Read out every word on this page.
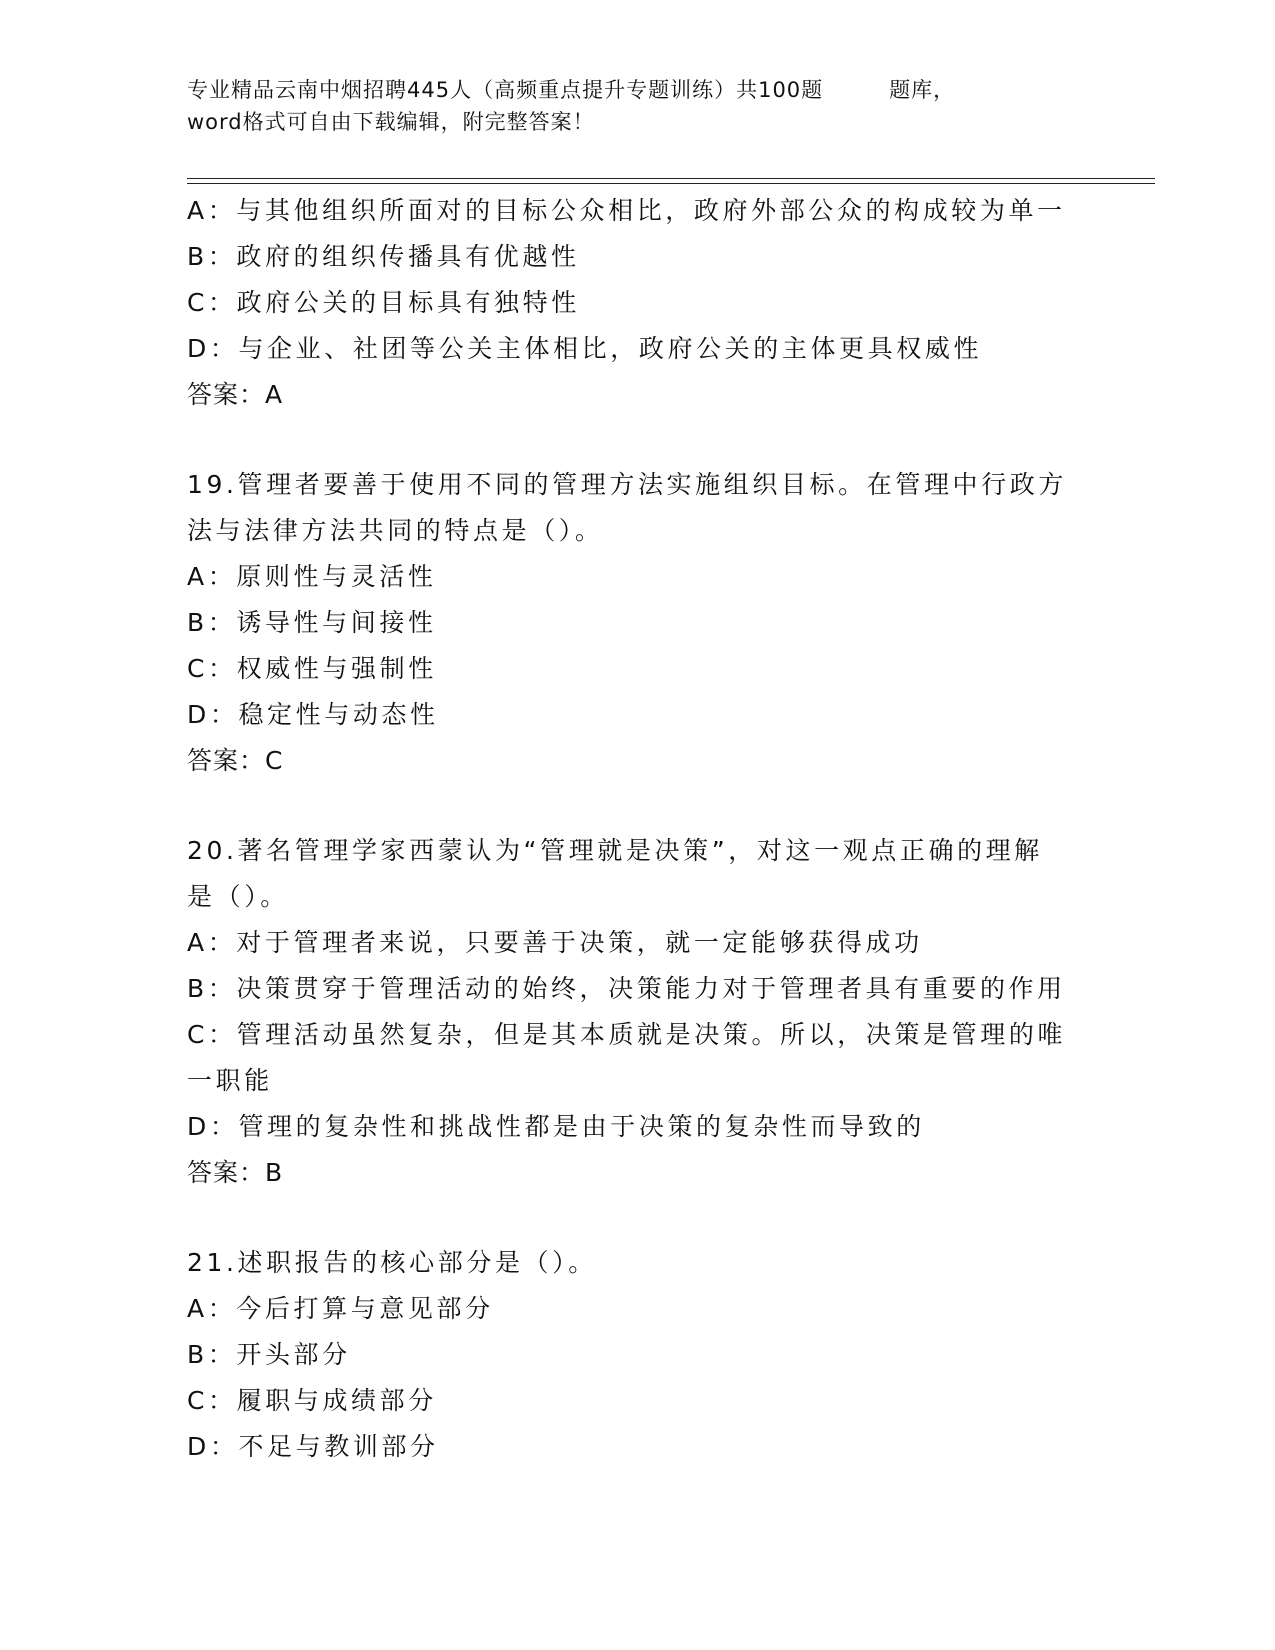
专业精品云南中烟招聘445人（高频重点提升专题训练）共100题　　　题库，
word格式可自由下载编辑，附完整答案！
A：与其他组织所面对的目标公众相比，政府外部公众的构成较为单一
B：政府的组织传播具有优越性
C：政府公关的目标具有独特性
D：与企业、社团等公关主体相比，政府公关的主体更具权威性
答案：A
19.管理者要善于使用不同的管理方法实施组织目标。在管理中行政方
法与法律方法共同的特点是（）。
A：原则性与灵活性
B：诱导性与间接性
C：权威性与强制性
D：稳定性与动态性
答案：C
20.著名管理学家西蒙认为“管理就是决策”，对这一观点正确的理解
是（）。
A：对于管理者来说，只要善于决策，就一定能够获得成功
B：决策贯穿于管理活动的始终，决策能力对于管理者具有重要的作用
C：管理活动虽然复杂，但是其本质就是决策。所以，决策是管理的唯
一职能
D：管理的复杂性和挑战性都是由于决策的复杂性而导致的
答案：B
21.述职报告的核心部分是（）。
A：今后打算与意见部分
B：开头部分
C：履职与成绩部分
D：不足与教训部分
